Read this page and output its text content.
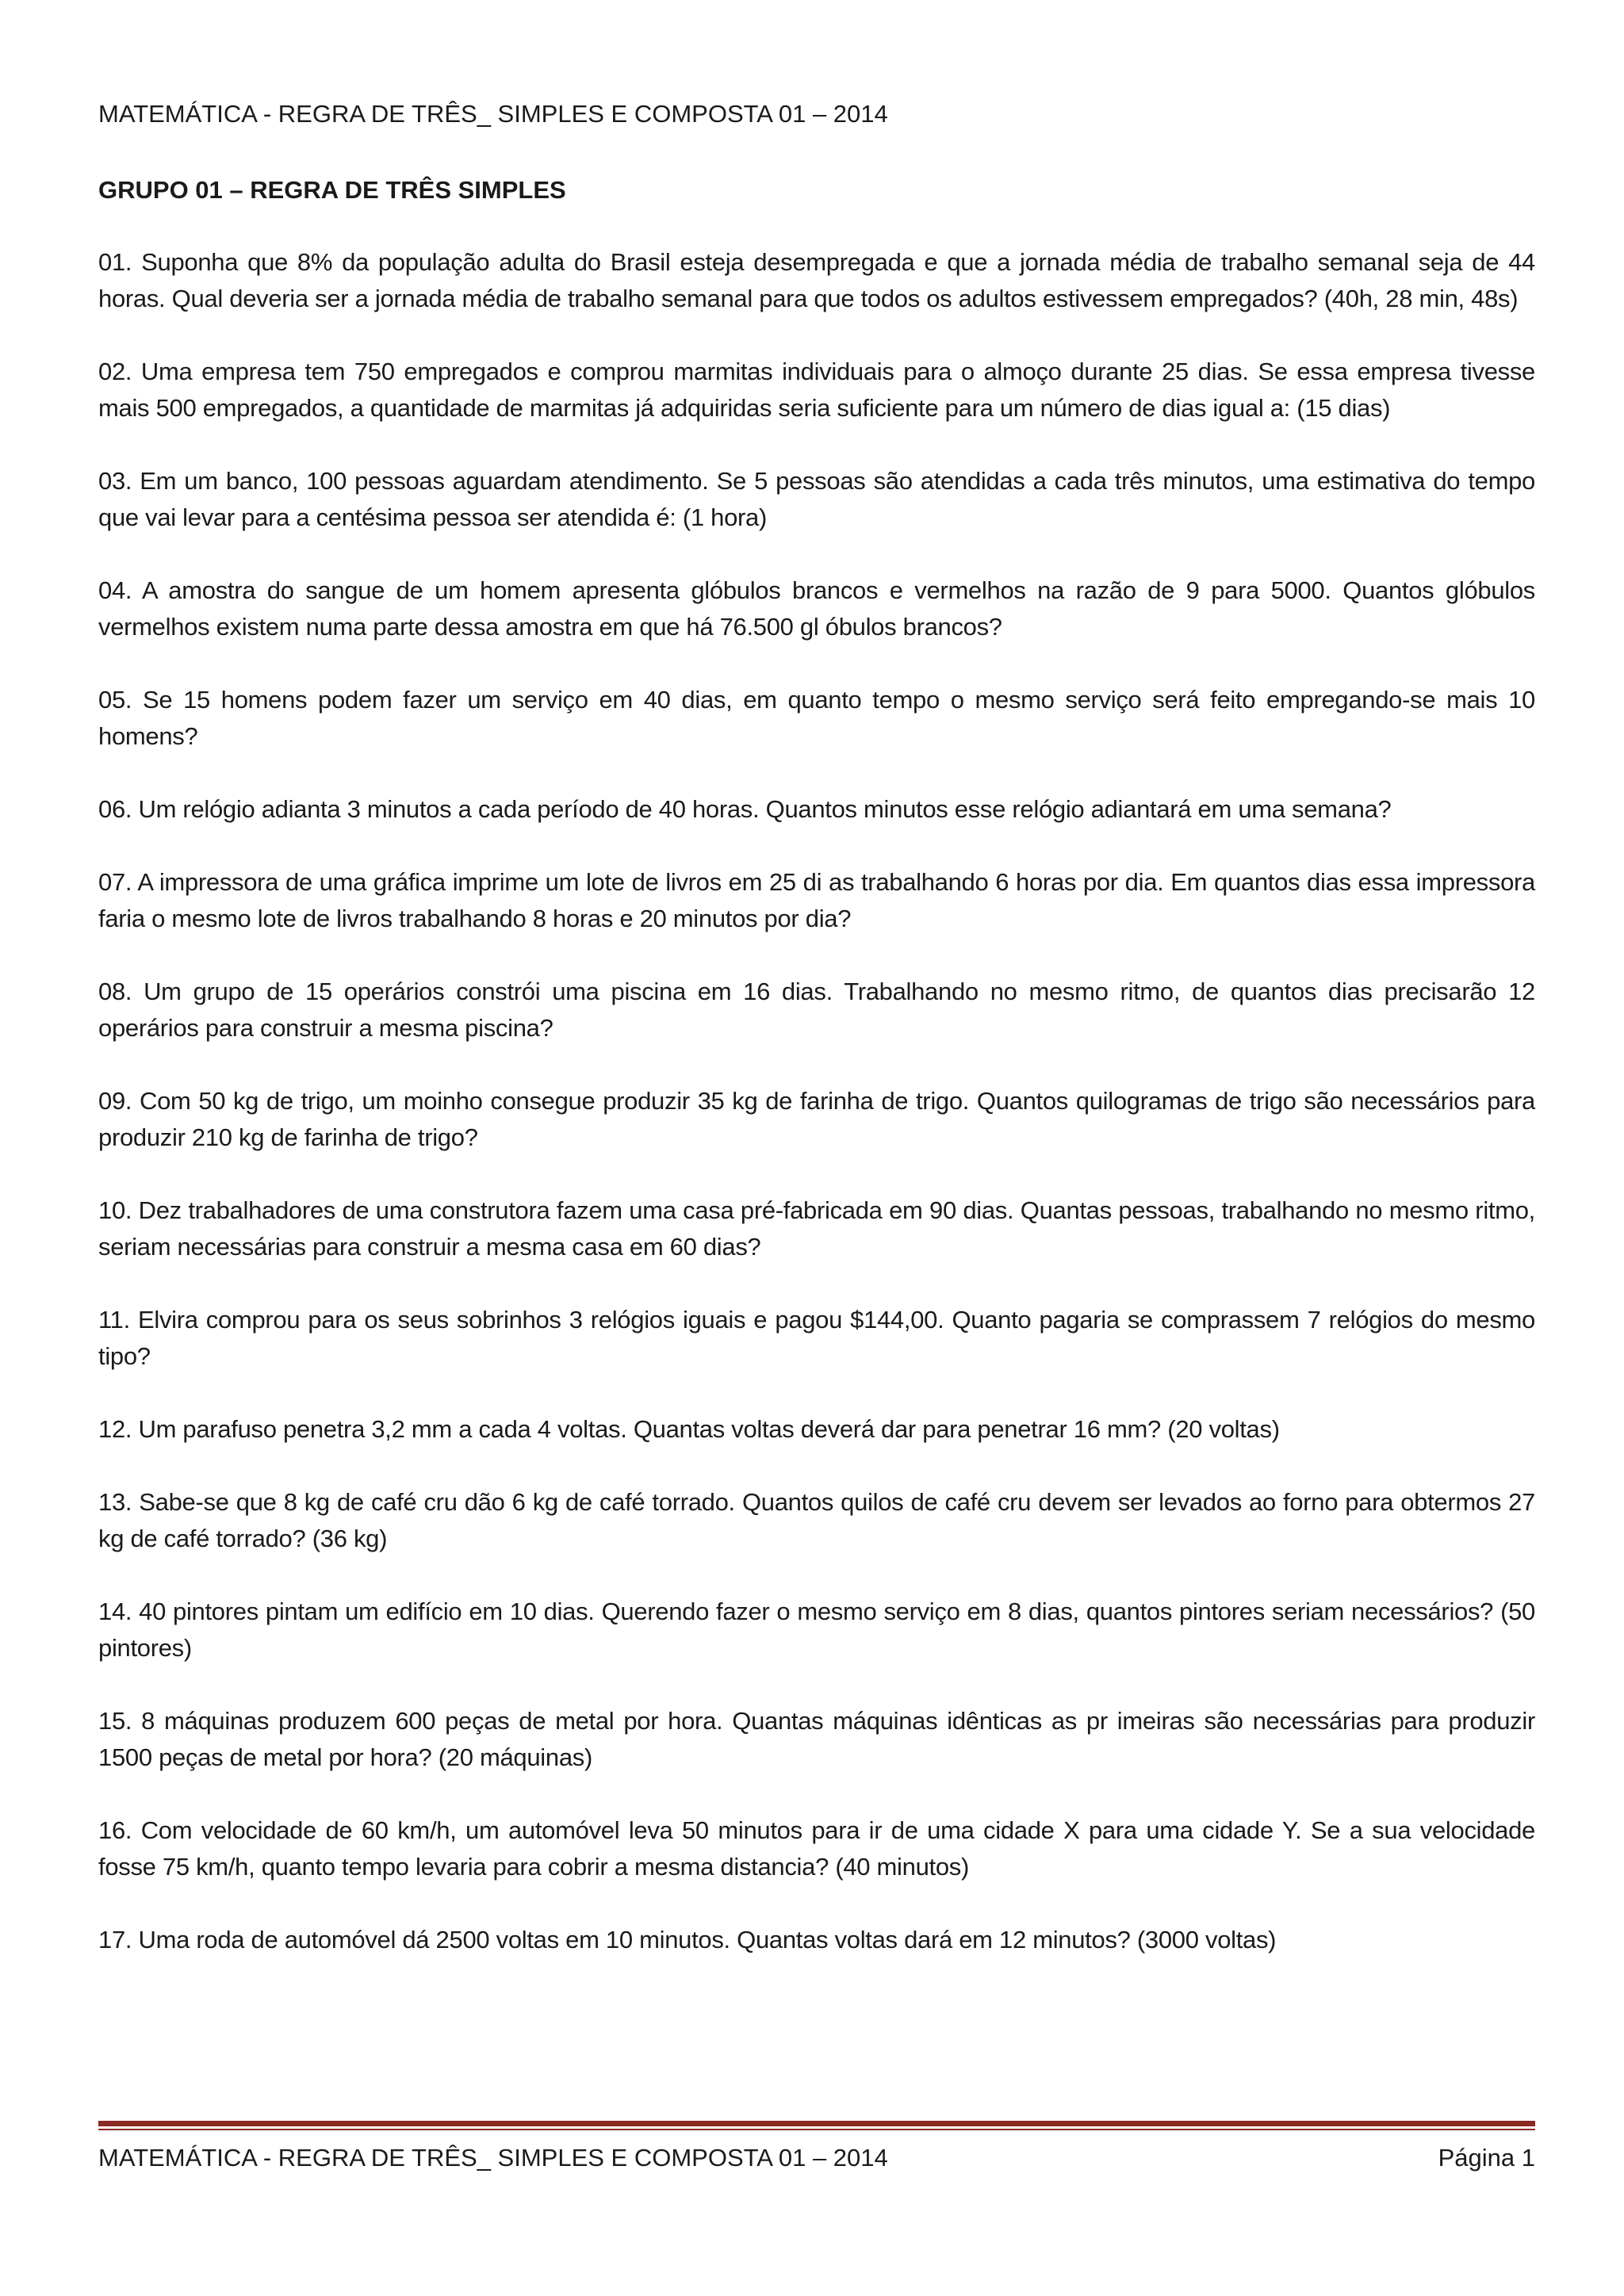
MATEMÁTICA - REGRA DE TRÊS_ SIMPLES E COMPOSTA 01 – 2014
GRUPO 01 – REGRA DE TRÊS SIMPLES
01. Suponha que 8% da população adulta do Brasil esteja desempregada e que a jornada média de trabalho semanal seja de 44 horas. Qual deveria ser a jornada média de trabalho semanal para que todos os adultos estivessem empregados? (40h, 28 min, 48s)
02. Uma empresa tem 750 empregados e comprou marmitas individuais para o almoço durante 25 dias. Se essa empresa tivesse mais 500 empregados, a quantidade de marmitas já adquiridas seria suficiente para um número de dias igual a: (15 dias)
03. Em um banco, 100 pessoas aguardam atendimento. Se 5 pessoas são atendidas a cada três minutos, uma estimativa do tempo que vai levar para a centésima pessoa ser atendida é: (1 hora)
04. A amostra do sangue de um homem apresenta glóbulos brancos e vermelhos na razão de 9 para 5000. Quantos glóbulos vermelhos existem numa parte dessa amostra em que há 76.500 gl óbulos brancos?
05. Se 15 homens podem fazer um serviço em 40 dias, em quanto tempo o mesmo serviço será feito empregando-se mais 10 homens?
06. Um relógio adianta 3 minutos a cada período de 40 horas. Quantos minutos esse relógio adiantará em uma semana?
07. A impressora de uma gráfica imprime um lote de livros em 25 di as trabalhando 6 horas por dia. Em quantos dias essa impressora faria o mesmo lote de livros trabalhando 8 horas e 20 minutos por dia?
08. Um grupo de 15 operários constrói uma piscina em 16 dias. Trabalhando no mesmo ritmo, de quantos dias precisarão 12 operários para construir a mesma piscina?
09. Com 50 kg de trigo, um moinho consegue produzir 35 kg de farinha de trigo. Quantos quilogramas de trigo são necessários para produzir 210 kg de farinha de trigo?
10. Dez trabalhadores de uma construtora fazem uma casa pré-fabricada em 90 dias. Quantas pessoas, trabalhando no mesmo ritmo, seriam necessárias para construir a mesma casa em 60 dias?
11. Elvira comprou para os seus sobrinhos 3 relógios iguais e pagou $144,00. Quanto pagaria se comprassem 7 relógios do mesmo tipo?
12. Um parafuso penetra 3,2 mm a cada 4 voltas. Quantas voltas deverá dar para penetrar 16 mm? (20 voltas)
13. Sabe-se que 8 kg de café cru dão 6 kg de café torrado. Quantos quilos de café cru devem ser levados ao forno para obtermos 27 kg de café torrado? (36 kg)
14. 40 pintores pintam um edifício em 10 dias. Querendo fazer o mesmo serviço em 8 dias, quantos pintores seriam necessários? (50 pintores)
15. 8 máquinas produzem 600 peças de metal por hora. Quantas máquinas idênticas as pr imeiras são necessárias para produzir 1500 peças de metal por hora? (20 máquinas)
16. Com velocidade de 60 km/h, um automóvel leva 50 minutos para ir de uma cidade X para uma cidade Y. Se a sua velocidade fosse 75 km/h, quanto tempo levaria para cobrir a mesma distancia? (40 minutos)
17. Uma roda de automóvel dá 2500 voltas em 10 minutos. Quantas voltas dará em 12 minutos? (3000 voltas)
MATEMÁTICA - REGRA DE TRÊS_ SIMPLES E COMPOSTA 01 – 2014	Página 1
